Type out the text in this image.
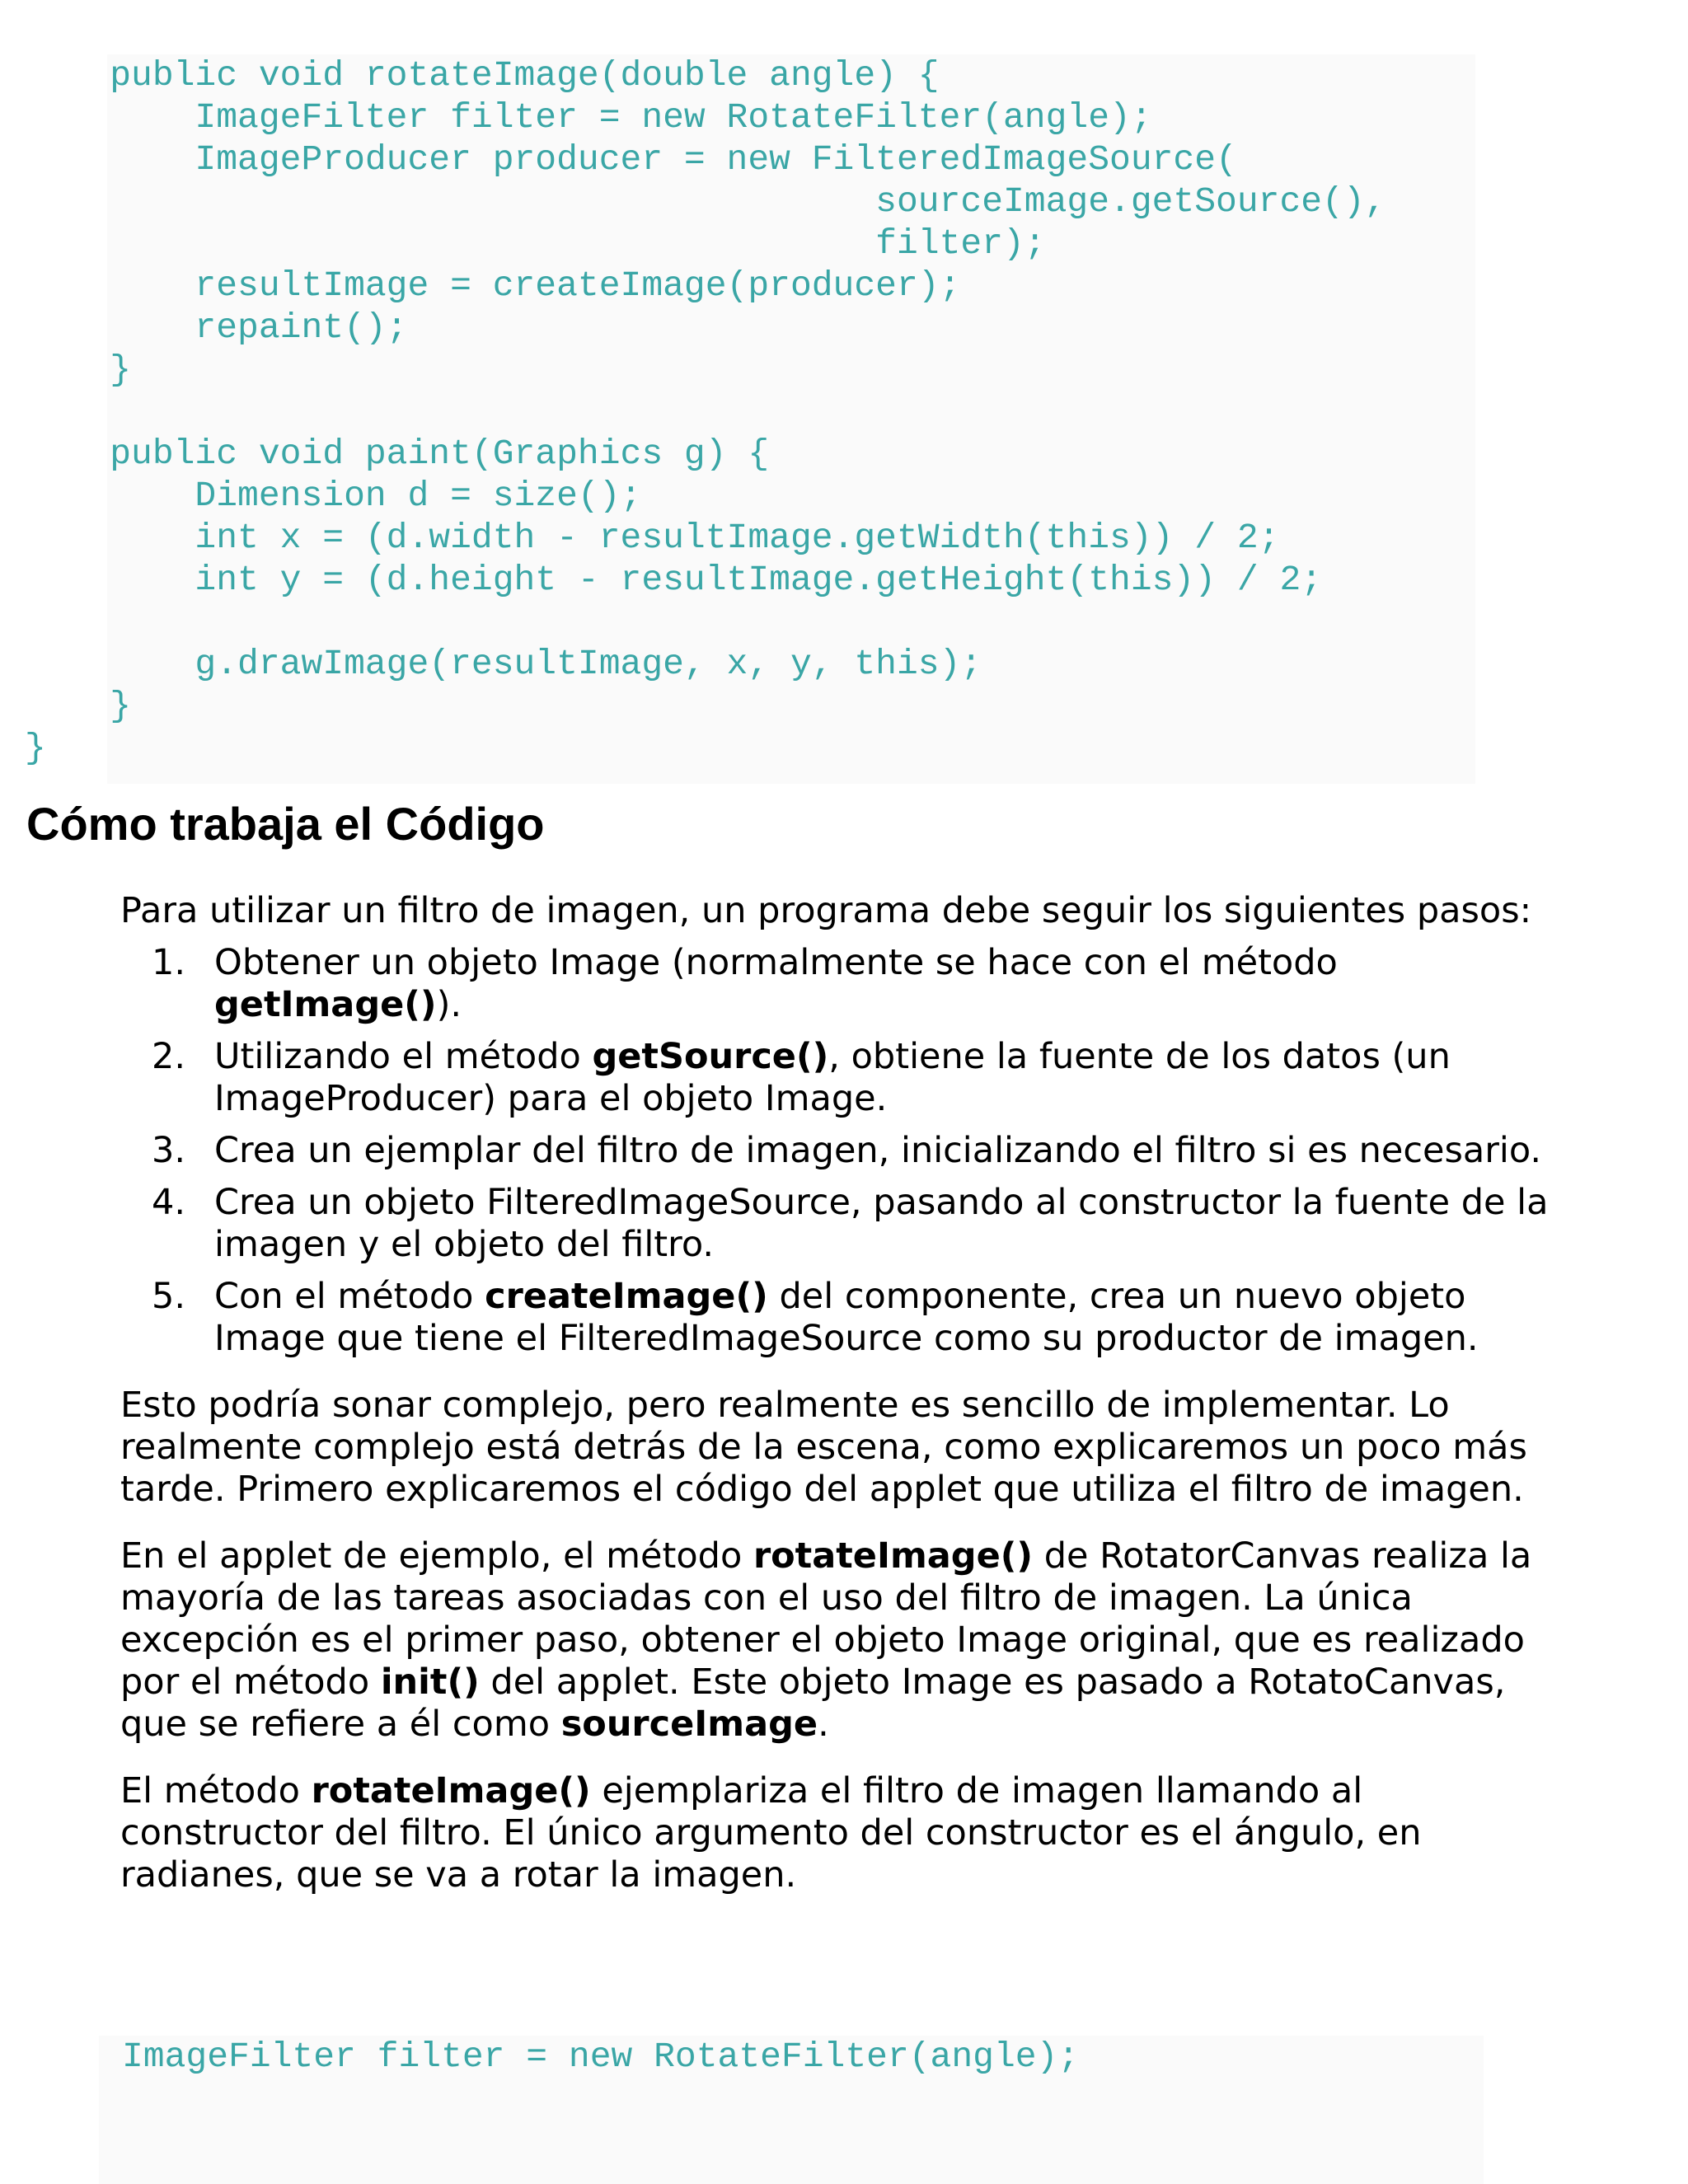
public void rotateImage(double angle) {
ImageFilter filter = new RotateFilter(angle);
ImageProducer producer = new FilteredImageSource(
sourceImage.getSource(),
filter);
resultImage = createImage(producer);
repaint();
}

public void paint(Graphics g) {
Dimension d = size();
int x = (d.width - resultImage.getWidth(this)) / 2;
int y = (d.height - resultImage.getHeight(this)) / 2;

g.drawImage(resultImage, x, y, this);
}
}
Cómo trabaja el Código

Para utilizar un filtro de imagen, un programa debe seguir los siguientes pasos:

1. Obtener un objeto Image (normalmente se hace con el método getImage()).
2. Utilizando el método getSource(), obtiene la fuente de los datos (un ImageProducer) para el objeto Image.
3. Crea un ejemplar del filtro de imagen, inicializando el filtro si es necesario.
4. Crea un objeto FilteredImageSource, pasando al constructor la fuente de la imagen y el objeto del filtro.
5. Con el método createImage() del componente, crea un nuevo objeto Image que tiene el FilteredImageSource como su productor de imagen.

Esto podría sonar complejo, pero realmente es sencillo de implementar. Lo realmente complejo está detrás de la escena, como explicaremos un poco más tarde. Primero explicaremos el código del applet que utiliza el filtro de imagen.

En el applet de ejemplo, el método rotateImage() de RotatorCanvas realiza la mayoría de las tareas asociadas con el uso del filtro de imagen. La única excepción es el primer paso, obtener el objeto Image original, que es realizado por el método init() del applet. Este objeto Image es pasado a RotatoCanvas, que se refiere a él como sourceImage.

El método rotateImage() ejemplariza el filtro de imagen llamando al constructor del filtro. El único argumento del constructor es el ángulo, en radianes, que se va a rotar la imagen.

ImageFilter filter = new RotateFilter(angle);
